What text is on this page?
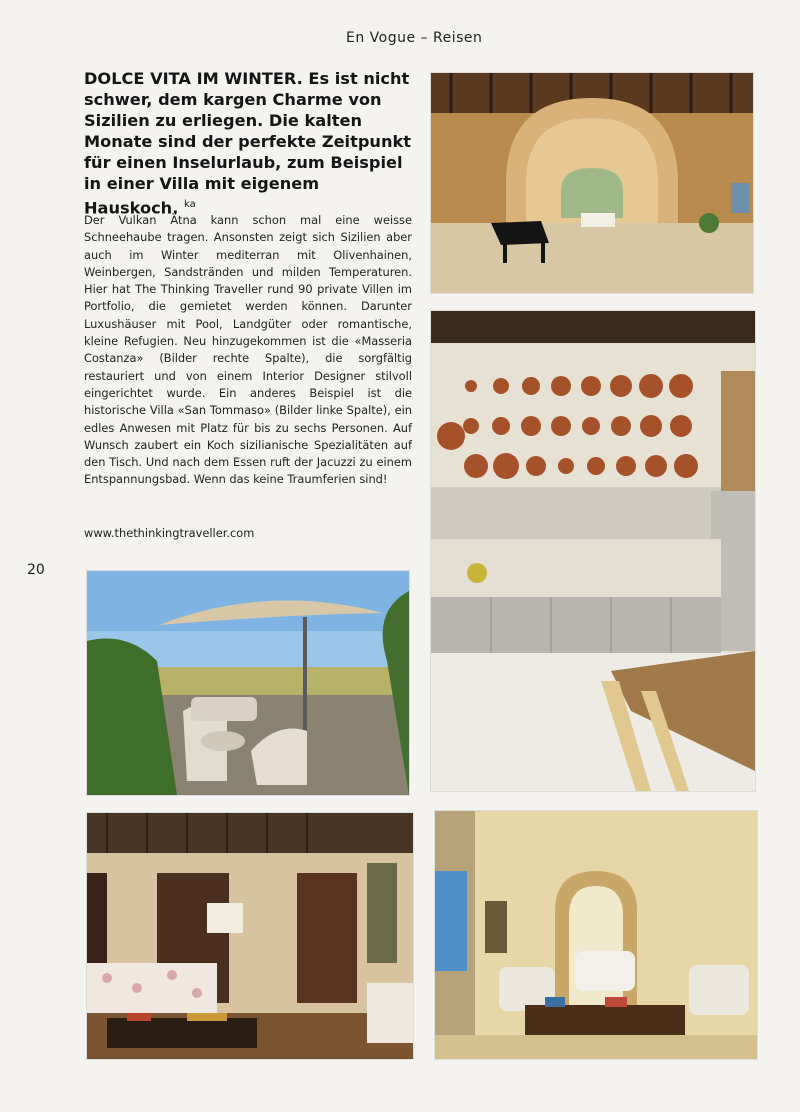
En Vogue – Reisen

DOLCE VITA IM WINTER. Es ist nicht schwer, dem kargen Charme von Sizilien zu erliegen. Die kalten Monate sind der perfekte Zeitpunkt für einen Inselurlaub, zum Beispiel in einer Villa mit eigenem Hauskoch. $^{ka}$

Der Vulkan Ätna kann schon mal eine weisse Schneehaube tragen. Ansonsten zeigt sich Sizilien aber auch im Winter mediterran mit Olivenhainen, Weinbergen, Sandstränden und milden Temperaturen. Hier hat The Thinking Traveller rund 90 private Villen im Portfolio, die gemietet werden können. Darunter Luxushäuser mit Pool, Landgüter oder romantische, kleine Refugien. Neu hinzugekommen ist die «Masseria Costanza» (Bilder rechte Spalte), die sorgfältig restauriert und von einem Interior Designer stilvoll eingerichtet wurde. Ein anderes Beispiel ist die historische Villa «San Tommaso» (Bilder linke Spalte), ein edles Anwesen mit Platz für bis zu sechs Personen. Auf Wunsch zaubert ein Koch sizilianische Spezialitäten auf den Tisch. Und nach dem Essen ruft der Jacuzzi zu einem Entspannungsbad. Wenn das keine Traumferien sind!

www.thethinkingtraveller.com
20
